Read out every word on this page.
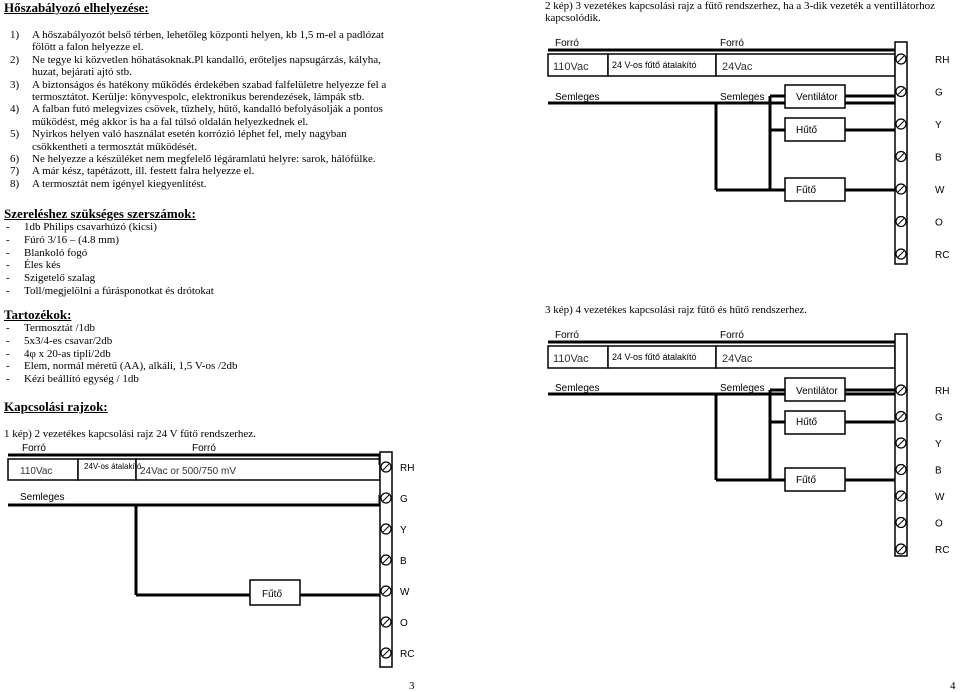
Hőszabályozó elhelyezése:
1)	A hőszabályozót belső térben, lehetőleg központi helyen, kb 1,5 m-el a padlózat fölött a falon helyezze el.
2)	Ne tegye ki közvetlen hőhatásoknak.Pl kandalló, erőteljes napsugárzás, kályha, huzat, bejárati ajtó stb.
3)	A biztonságos és hatékony működés érdekében szabad falfelületre helyezze fel a termosztátot. Kerülje: könyvespolc, elektronikus berendezések, lámpák stb.
4)	A falban futó melegvizes csövek, tűzhely, hűtő, kandalló befolyásolják a pontos működést, még akkor is ha a fal túlsó oldalán helyezkednek el.
5)	Nyirkos helyen való használat esetén korrózió léphet fel, mely nagyban csökkentheti a termosztát működését.
6)	Ne helyezze a készüléket nem megfelelő légáramlatú helyre: sarok, hálófülke.
7)	A már kész, tapétázott, ill. festett falra helyezze el.
8)	A termosztát nem igényel kiegyenlítést.
Szereléshez szükséges szerszámok:
-	1db Philips csavarhúzó (kicsi)
-	Fúró 3/16 – (4.8 mm)
-	Blankoló fogó
-	Éles kés
-	Szigetelő szalag
-	Toll/megjelölni a fúrásponotkat és drótokat
Tartozékok:
-	Termosztát /1db
-	5x3/4-es csavar/2db
-	4φ x 20-as tipli/2db
-	Elem, normál méretű (AA), alkáli, 1,5 V-os /2db
-	Kézi beállító egység / 1db
Kapcsolási rajzok:
1 kép) 2 vezetékes kapcsolási rajz 24 V fűtő rendszerhez.
2 kép) 3 vezetékes kapcsolási rajz a fűtő rendszerhez, ha a 3-dik vezeték a ventillátorhoz kapcsolódik.
3 kép) 4 vezetékes kapcsolási rajz fűtő és hűtő rendszerhez.
3	4
RH
G
Y
B
W
O
RC
Forró	Forró
110Vac	24V-os átalakító
24Vac or 500/750 mV
Semleges
Fűtő
RH
G
Y
B
W
O
RC
Forró	Forró
110Vac	24 V-os fűtő átalakító 24Vac
Semleges	Semleges	Ventilátor
Hűtő
Fűtő
RH
G
Y
B
W
O
RC
Forró	Forró
110Vac	24 V-os fűtő átalakító 24Vac
Semleges	Semleges	Ventilátor
Hűtő
Fűtő
